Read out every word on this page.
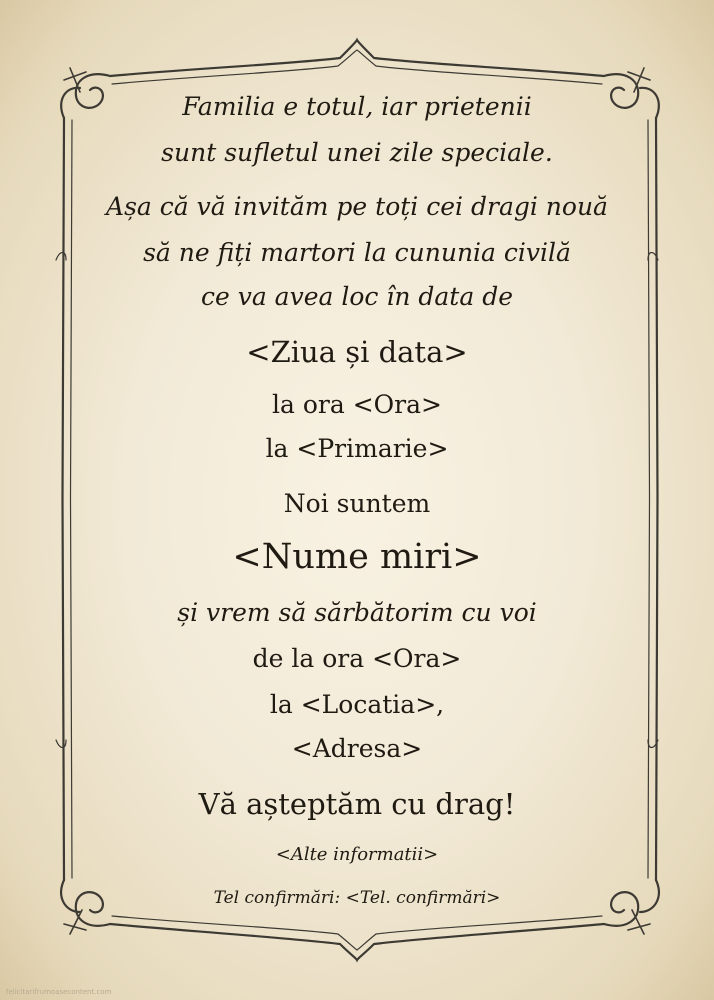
Familia e totul, iar prietenii
sunt sufletul unei zile speciale.
Așa că vă invităm pe toți cei dragi nouă
să ne fiți martori la cununia civilă
ce va avea loc în data de
<Ziua și data>
la ora <Ora>
la <Primarie>
Noi suntem
<Nume miri>
și vrem să sărbătorim cu voi
de la ora <Ora>
la <Locatia>,
<Adresa>
Vă așteptăm cu drag!
<Alte informatii>
Tel confirmări: <Tel. confirmări>
felicitarifrumoasecontent.com
